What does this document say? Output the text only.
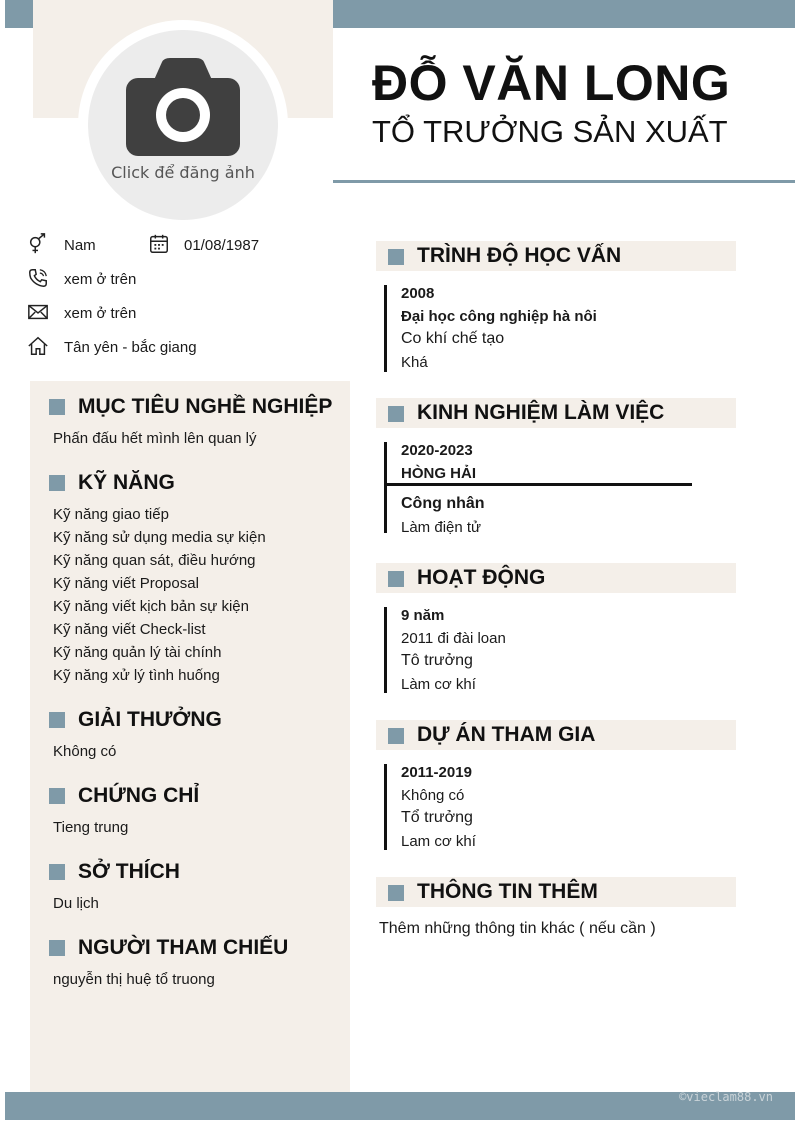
Click để đăng ảnh
ĐỖ VĂN LONG
TỔ TRƯỞNG SẢN XUẤT
Nam	01/08/1987
xem ở trên
xem ở trên
Tân yên - bắc giang
MỤC TIÊU NGHỀ NGHIỆP
Phấn đấu hết mình lên quan lý
KỸ NĂNG
Kỹ năng giao tiếp
Kỹ năng sử dụng media sự kiện
Kỹ năng quan sát, điều hướng
Kỹ năng viết Proposal
Kỹ năng viết kịch bản sự kiện
Kỹ năng viết Check-list
Kỹ năng quản lý tài chính
Kỹ năng xử lý tình huống
GIẢI THƯỞNG
Không có
CHỨNG CHỈ
Tieng trung
SỞ THÍCH
Du lịch
NGƯỜI THAM CHIẾU
nguyễn thị huệ tổ truong
TRÌNH ĐỘ HỌC VẤN
2008
Đại học công nghiệp hà nôi
Co khí chế tạo
Khá
KINH NGHIỆM LÀM VIỆC
2020-2023
HÒNG HẢI
Công nhân
Làm điện tử
HOẠT ĐỘNG
9 năm
2011 đi đài loan
Tô trưởng
Làm cơ khí
DỰ ÁN THAM GIA
2011-2019
Không có
Tổ trưởng
Lam cơ khí
THÔNG TIN THÊM
Thêm những thông tin khác ( nếu cần )
©vieclam88.vn
